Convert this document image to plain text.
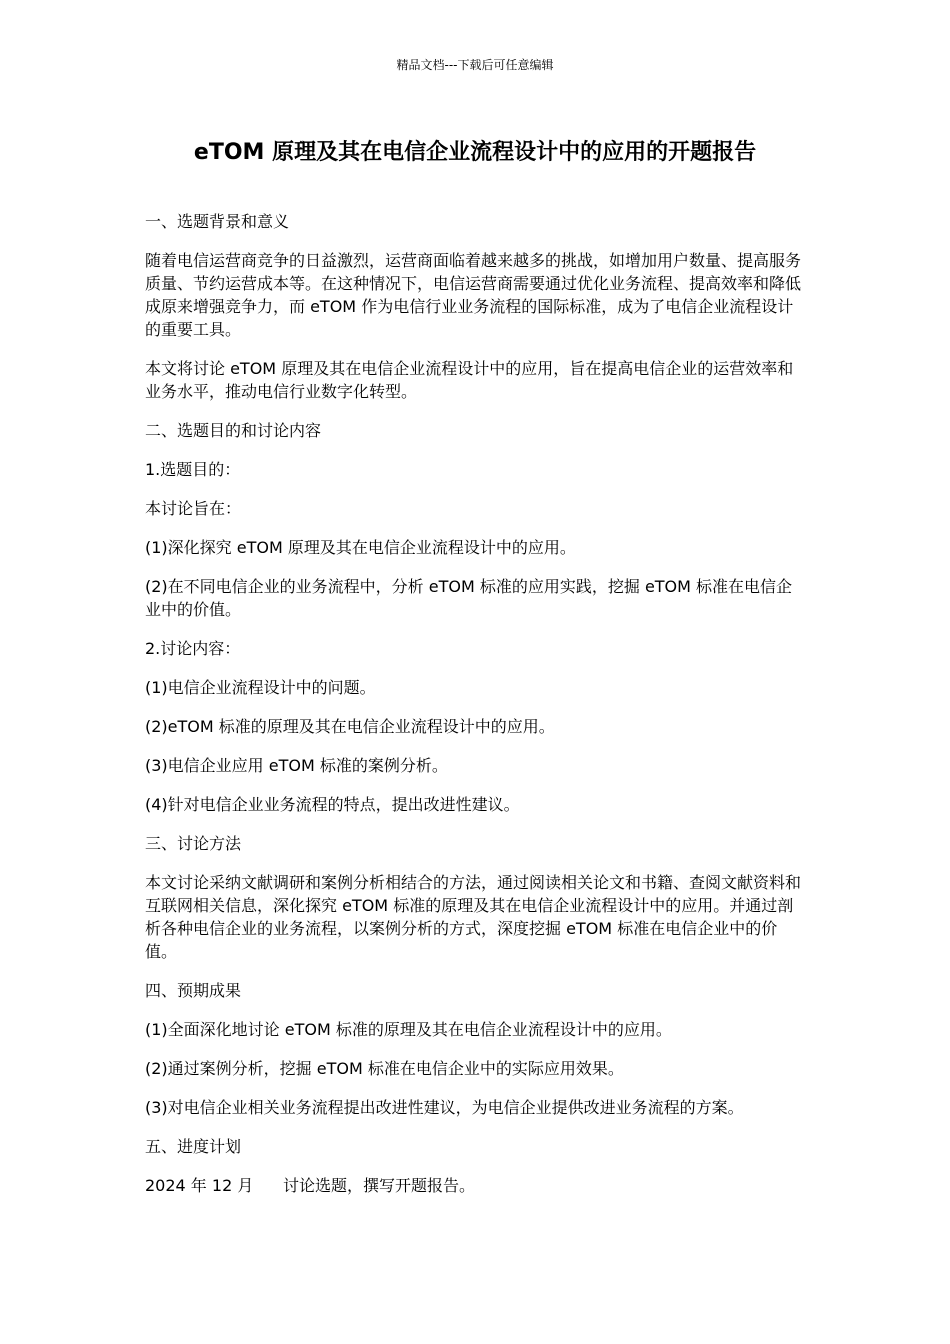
精品文档---下载后可任意编辑
eTOM 原理及其在电信企业流程设计中的应用的开题报告

一、选题背景和意义

随着电信运营商竞争的日益激烈，运营商面临着越来越多的挑战，如增加用户数量、提高服务质量、节约运营成本等。在这种情况下，电信运营商需要通过优化业务流程、提高效率和降低成原来增强竞争力，而 eTOM 作为电信行业业务流程的国际标准，成为了电信企业流程设计的重要工具。

本文将讨论 eTOM 原理及其在电信企业流程设计中的应用，旨在提高电信企业的运营效率和业务水平，推动电信行业数字化转型。

二、选题目的和讨论内容

1.选题目的：

本讨论旨在：

(1)深化探究 eTOM 原理及其在电信企业流程设计中的应用。

(2)在不同电信企业的业务流程中，分析 eTOM 标准的应用实践，挖掘 eTOM 标准在电信企业中的价值。

2.讨论内容：

(1)电信企业流程设计中的问题。

(2)eTOM 标准的原理及其在电信企业流程设计中的应用。

(3)电信企业应用 eTOM 标准的案例分析。

(4)针对电信企业业务流程的特点，提出改进性建议。

三、讨论方法

本文讨论采纳文献调研和案例分析相结合的方法，通过阅读相关论文和书籍、查阅文献资料和互联网相关信息，深化探究 eTOM 标准的原理及其在电信企业流程设计中的应用。并通过剖析各种电信企业的业务流程，以案例分析的方式，深度挖掘 eTOM 标准在电信企业中的价值。

四、预期成果

(1)全面深化地讨论 eTOM 标准的原理及其在电信企业流程设计中的应用。

(2)通过案例分析，挖掘 eTOM 标准在电信企业中的实际应用效果。

(3)对电信企业相关业务流程提出改进性建议，为电信企业提供改进业务流程的方案。

五、进度计划

2024 年 12 月 讨论选题，撰写开题报告。
